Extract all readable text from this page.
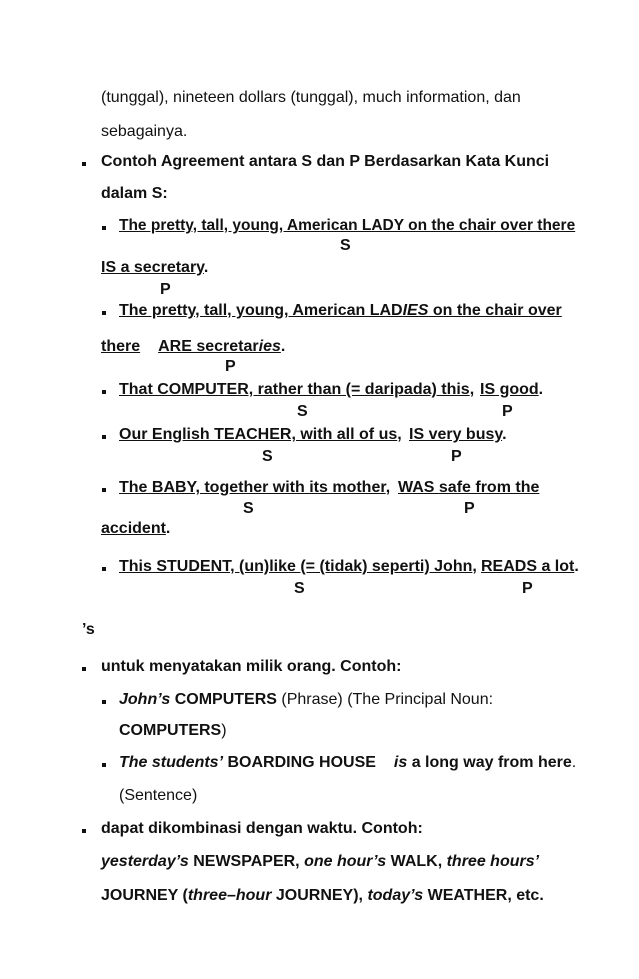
(tunggal), nineteen dollars (tunggal), much information, dan
sebagainya.
Contoh Agreement antara S dan P Berdasarkan Kata Kunci
dalam S:
The pretty, tall, young, American LADY on the chair over there
S
IS a secretary.
P
The pretty, tall, young, American LADIES on the chair over
there ARE secretaries.
P
That COMPUTER, rather than (= daripada) this, IS good.
S	P
Our English TEACHER, with all of us, IS very busy.
S	P
The BABY, together with its mother, WAS safe from the
S	P
accident.
This STUDENT, (un)like (= (tidak) seperti) John, READS a lot.
S	P
’s
untuk menyatakan milik orang. Contoh:
John’s COMPUTERS (Phrase) (The Principal Noun:
COMPUTERS)
The students’ BOARDING HOUSE is a long way from here.
(Sentence)
dapat dikombinasi dengan waktu. Contoh:
yesterday’s NEWSPAPER, one hour’s WALK, three hours’
JOURNEY (three–hour JOURNEY), today’s WEATHER, etc.
